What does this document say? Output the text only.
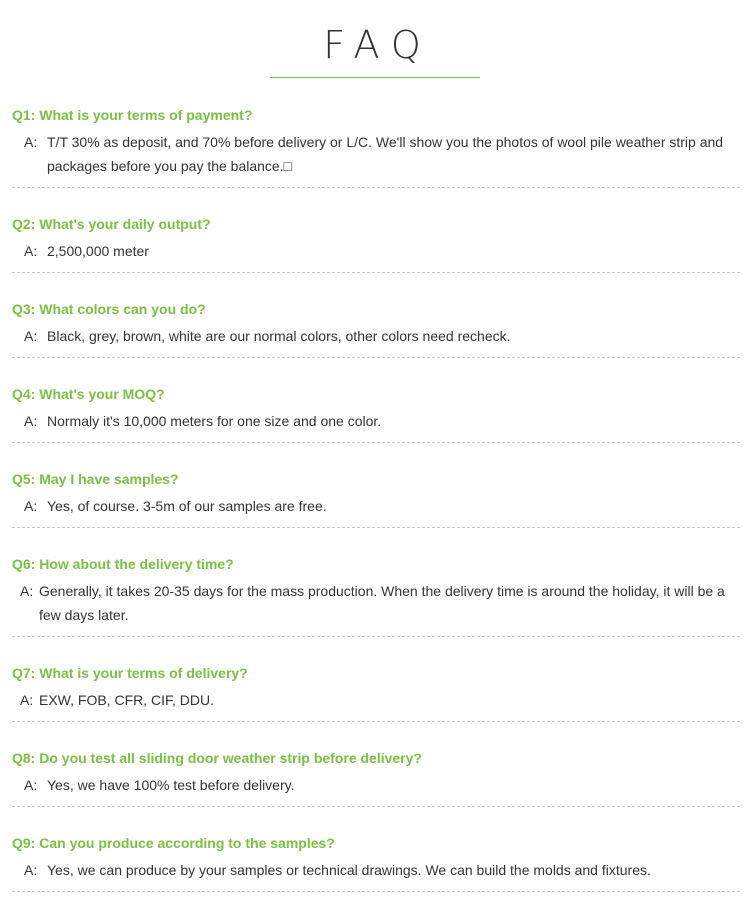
FAQ
Q1: What is your terms of payment?
A: T/T 30% as deposit, and 70% before delivery or L/C. We'll show you the photos of wool pile weather strip and packages before you pay the balance.□
Q2: What's your daily output?
A: 2,500,000 meter
Q3: What colors can you do?
A: Black, grey, brown, white are our normal colors, other colors need recheck.
Q4: What's your MOQ?
A: Normaly it's 10,000 meters for one size and one color.
Q5: May I have samples?
A: Yes, of course. 3-5m of our samples are free.
Q6: How about the delivery time?
A: Generally, it takes 20-35 days for the mass production. When the delivery time is around the holiday, it will be a few days later.
Q7: What is your terms of delivery?
A: EXW, FOB, CFR, CIF, DDU.
Q8: Do you test all sliding door weather strip before delivery?
A: Yes, we have 100% test before delivery.
Q9: Can you produce according to the samples?
A: Yes, we can produce by your samples or technical drawings. We can build the molds and fixtures.
